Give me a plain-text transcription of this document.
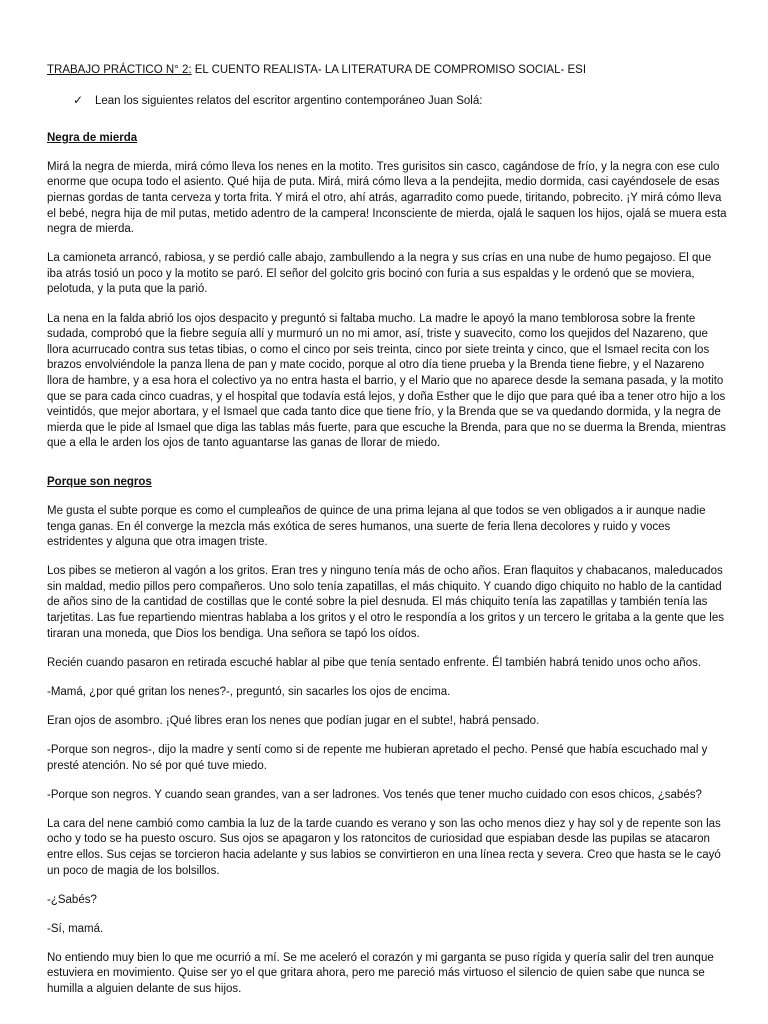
TRABAJO PRÁCTICO N° 2: EL CUENTO REALISTA- LA LITERATURA DE COMPROMISO SOCIAL- ESI
✓	Lean los siguientes relatos del escritor argentino contemporáneo Juan Solá:
Negra de mierda

Mirá la negra de mierda, mirá cómo lleva los nenes en la motito. Tres gurisitos sin casco, cagándose de frío, y la negra con ese culo enorme que ocupa todo el asiento. Qué hija de puta. Mirá, mirá cómo lleva a la pendejita, medio dormida, casi cayéndosele de esas piernas gordas de tanta cerveza y torta frita. Y mirá el otro, ahí atrás, agarradito como puede, tiritando, pobrecito. ¡Y mirá cómo lleva el bebé, negra hija de mil putas, metido adentro de la campera! Inconsciente de mierda, ojalá le saquen los hijos, ojalá se muera esta negra de mierda.

La camioneta arrancó, rabiosa, y se perdió calle abajo, zambullendo a la negra y sus crías en una nube de humo pegajoso. El que iba atrás tosió un poco y la motito se paró. El señor del golcito gris bocinó con furia a sus espaldas y le ordenó que se moviera, pelotuda, y la puta que la parió.

La nena en la falda abrió los ojos despacito y preguntó si faltaba mucho. La madre le apoyó la mano temblorosa sobre la frente sudada, comprobó que la fiebre seguía allí y murmuró un no mi amor, así, triste y suavecito, como los quejidos del Nazareno, que llora acurrucado contra sus tetas tibias, o como el cinco por seis treinta, cinco por siete treinta y cinco, que el Ismael recita con los brazos envolviéndole la panza llena de pan y mate cocido, porque al otro día tiene prueba y la Brenda tiene fiebre, y el Nazareno llora de hambre, y a esa hora el colectivo ya no entra hasta el barrio, y el Mario que no aparece desde la semana pasada, y la motito que se para cada cinco cuadras, y el hospital que todavía está lejos, y doña Esther que le dijo que para qué iba a tener otro hijo a los veintidós, que mejor abortara, y el Ismael que cada tanto dice que tiene frío, y la Brenda que se va quedando dormida, y la negra de mierda que le pide al Ismael que diga las tablas más fuerte, para que escuche la Brenda, para que no se duerma la Brenda, mientras que a ella le arden los ojos de tanto aguantarse las ganas de llorar de miedo.

Porque son negros

Me gusta el subte porque es como el cumpleaños de quince de una prima lejana al que todos se ven obligados a ir aunque nadie tenga ganas. En él converge la mezcla más exótica de seres humanos, una suerte de feria llena decolores y ruido y voces estridentes y alguna que otra imagen triste.

Los pibes se metieron al vagón a los gritos. Eran tres y ninguno tenía más de ocho años. Eran flaquitos y chabacanos, maleducados sin maldad, medio pillos pero compañeros. Uno solo tenía zapatillas, el más chiquito. Y cuando digo chiquito no hablo de la cantidad de años sino de la cantidad de costillas que le conté sobre la piel desnuda. El más chiquito tenía las zapatillas y también tenía las tarjetitas. Las fue repartiendo mientras hablaba a los gritos y el otro le respondía a los gritos y un tercero le gritaba a la gente que les tiraran una moneda, que Dios los bendiga. Una señora se tapó los oídos.

Recién cuando pasaron en retirada escuché hablar al pibe que tenía sentado enfrente. Él también habrá tenido unos ocho años.

-Mamá, ¿por qué gritan los nenes?-, preguntó, sin sacarles los ojos de encima.

Eran ojos de asombro. ¡Qué libres eran los nenes que podían jugar en el subte!, habrá pensado.

-Porque son negros-, dijo la madre y sentí como si de repente me hubieran apretado el pecho. Pensé que había escuchado mal y presté atención. No sé por qué tuve miedo.

-Porque son negros. Y cuando sean grandes, van a ser ladrones. Vos tenés que tener mucho cuidado con esos chicos, ¿sabés?

La cara del nene cambió como cambia la luz de la tarde cuando es verano y son las ocho menos diez y hay sol y de repente son las ocho y todo se ha puesto oscuro. Sus ojos se apagaron y los ratoncitos de curiosidad que espiaban desde las pupilas se atacaron entre ellos. Sus cejas se torcieron hacia adelante y sus labios se convirtieron en una línea recta y severa. Creo que hasta se le cayó un poco de magia de los bolsillos.

-¿Sabés?

-Sí, mamá.

No entiendo muy bien lo que me ocurrió a mí. Se me aceleró el corazón y mi garganta se puso rígida y quería salir del tren aunque estuviera en movimiento. Quise ser yo el que gritara ahora, pero me pareció más virtuoso el silencio de quien sabe que nunca se humilla a alguien delante de sus hijos.
